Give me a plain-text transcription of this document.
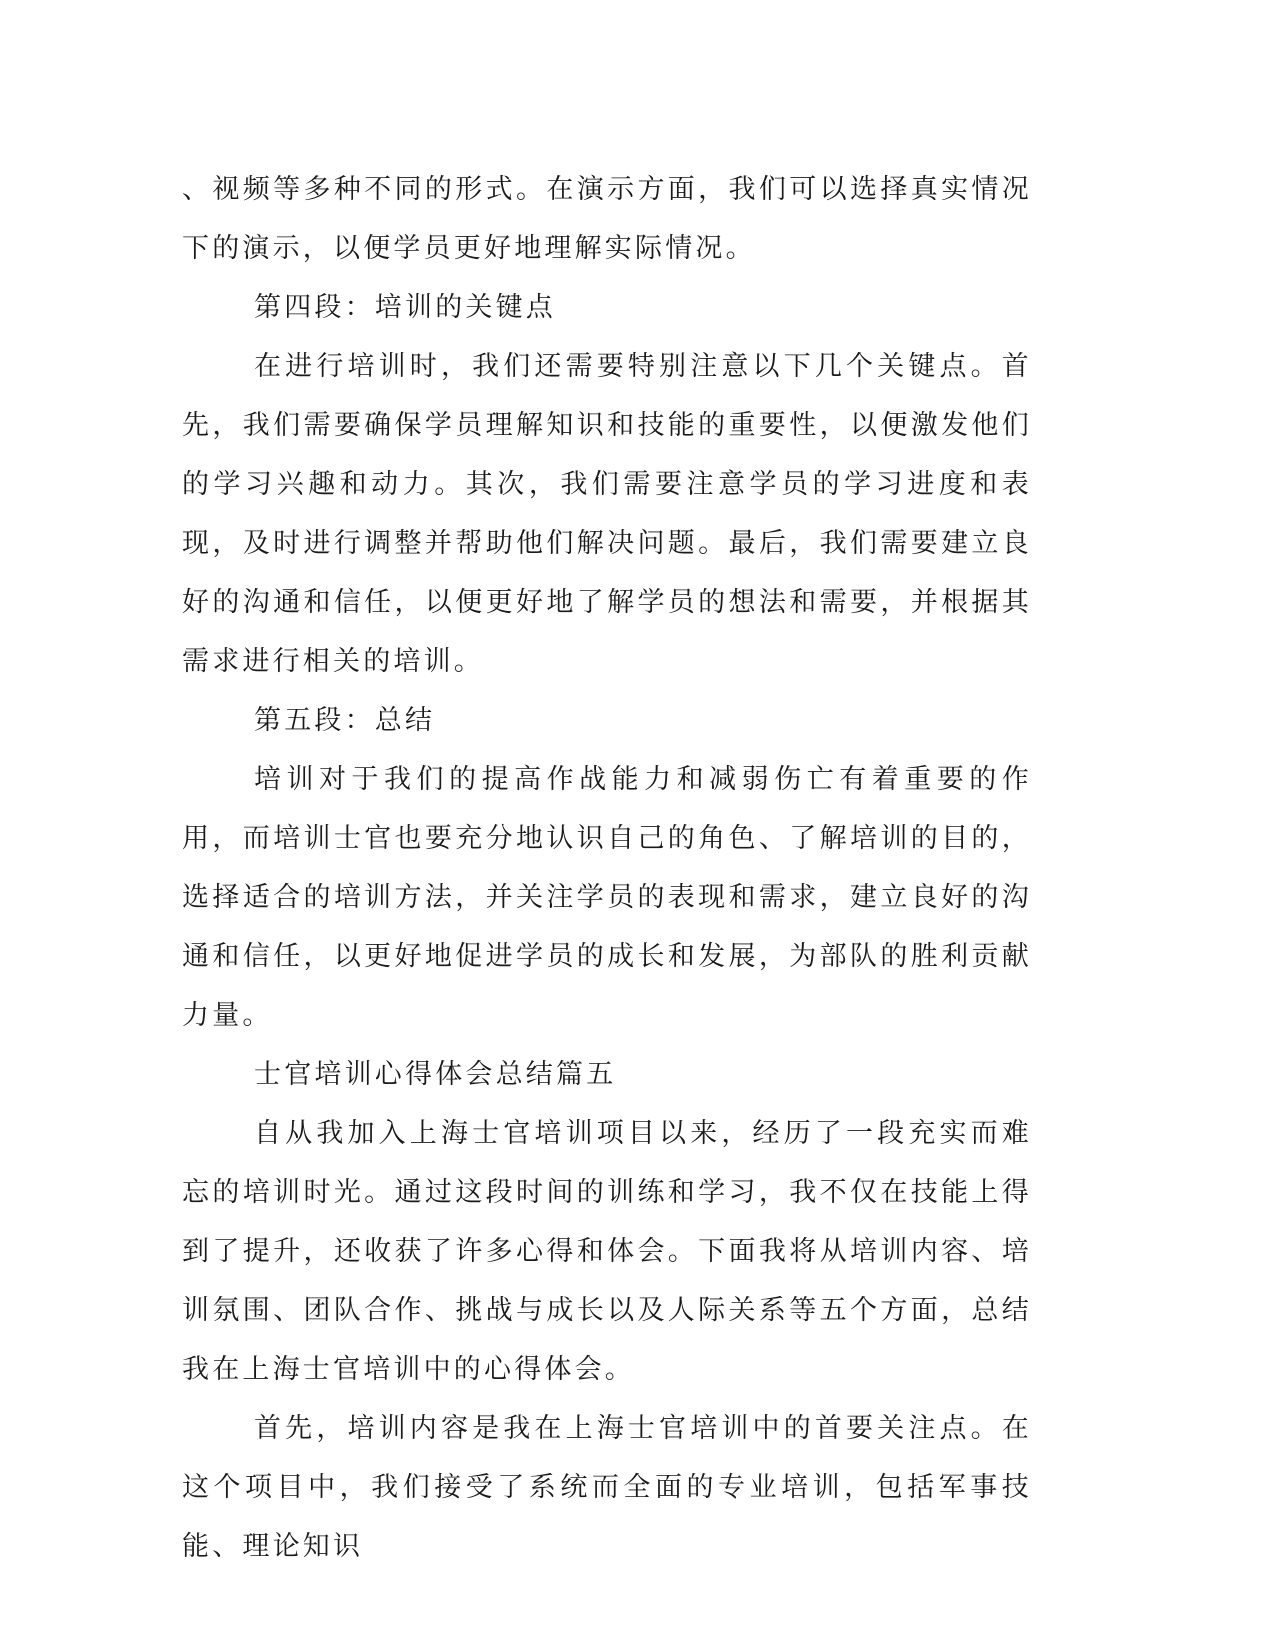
、视频等多种不同的形式。在演示方面，我们可以选择真实情况下的演示，以便学员更好地理解实际情况。

第四段：培训的关键点

在进行培训时，我们还需要特别注意以下几个关键点。首先，我们需要确保学员理解知识和技能的重要性，以便激发他们的学习兴趣和动力。其次，我们需要注意学员的学习进度和表现，及时进行调整并帮助他们解决问题。最后，我们需要建立良好的沟通和信任，以便更好地了解学员的想法和需要，并根据其需求进行相关的培训。

第五段：总结

培训对于我们的提高作战能力和减弱伤亡有着重要的作用，而培训士官也要充分地认识自己的角色、了解培训的目的，选择适合的培训方法，并关注学员的表现和需求，建立良好的沟通和信任，以更好地促进学员的成长和发展，为部队的胜利贡献力量。

士官培训心得体会总结篇五

自从我加入上海士官培训项目以来，经历了一段充实而难忘的培训时光。通过这段时间的训练和学习，我不仅在技能上得到了提升，还收获了许多心得和体会。下面我将从培训内容、培训氛围、团队合作、挑战与成长以及人际关系等五个方面，总结我在上海士官培训中的心得体会。

首先，培训内容是我在上海士官培训中的首要关注点。在这个项目中，我们接受了系统而全面的专业培训，包括军事技能、理论知识
